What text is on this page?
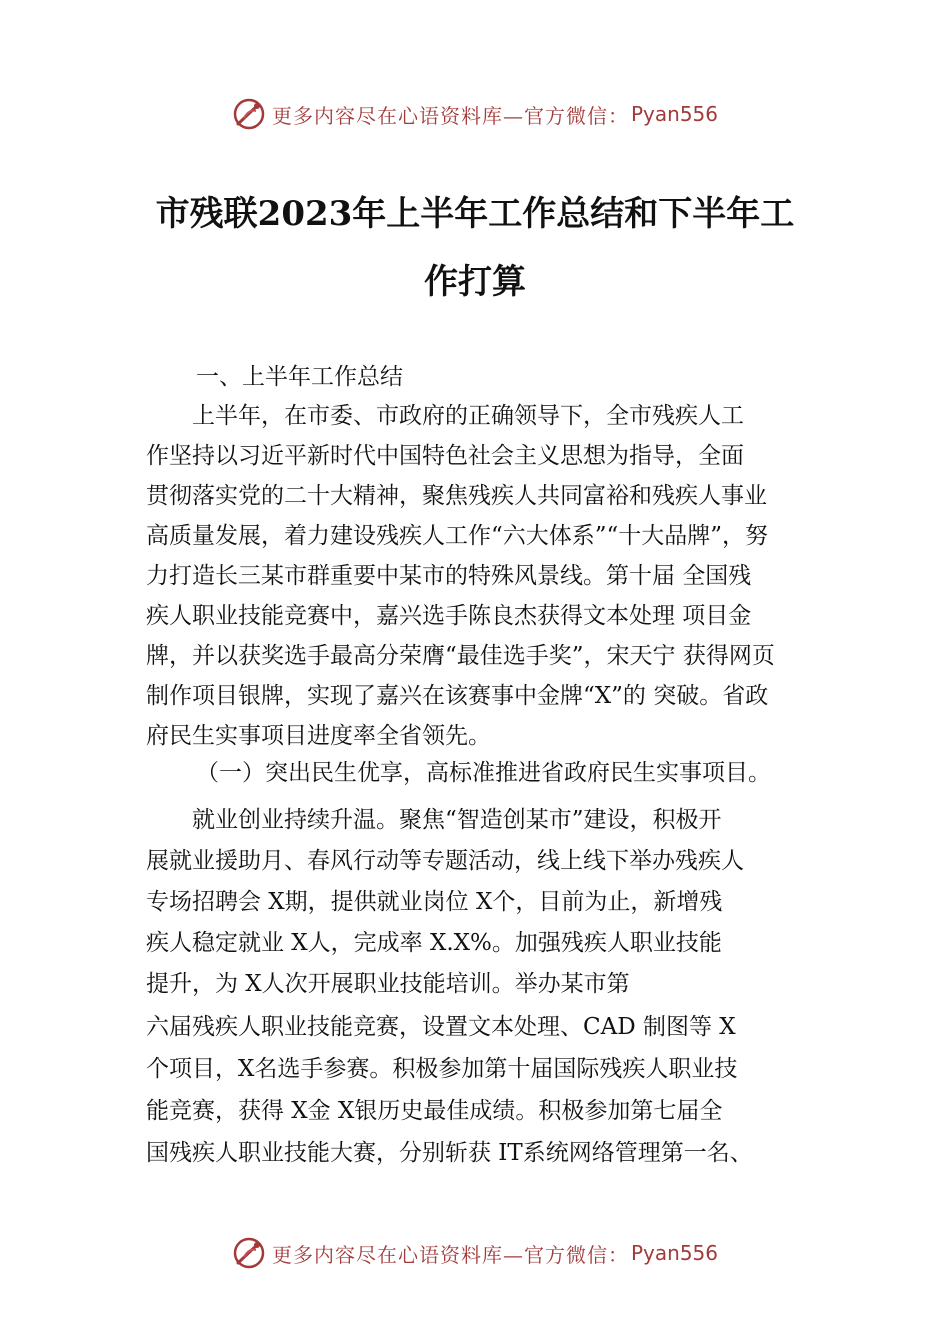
更多内容尽在心语资料库—官方微信： Pyan556
市残联2023年上半年工作总结和下半年工
作打算
一、上半年工作总结
　　上半年，在市委、市政府的正确领导下，全市残疾人工
作坚持以习近平新时代中国特色社会主义思想为指导，全面
贯彻落实党的二十大精神，聚焦残疾人共同富裕和残疾人事业
高质量发展，着力建设残疾人工作“六大体系”“十大品牌”，努
力打造长三某市群重要中某市的特殊风景线。第十届 全国残
疾人职业技能竞赛中，嘉兴选手陈良杰获得文本处理 项目金
牌，并以获奖选手最高分荣膺“最佳选手奖”，宋天宁 获得网页
制作项目银牌，实现了嘉兴在该赛事中金牌“X”的 突破。省政
府民生实事项目进度率全省领先。
（一）突出民生优享，高标准推进省政府民生实事项目。
　　就业创业持续升温。聚焦“智造创某市”建设，积极开
展就业援助月、春风行动等专题活动，线上线下举办残疾人
专场招聘会 X期，提供就业岗位 X个，目前为止，新增残
疾人稳定就业 X人，完成率 X.X%。加强残疾人职业技能
提升，为 X人次开展职业技能培训。举办某市第
六届残疾人职业技能竞赛，设置文本处理、CAD 制图等 X
个项目，X名选手参赛。积极参加第十届国际残疾人职业技
能竞赛，获得 X金 X银历史最佳成绩。积极参加第七届全
国残疾人职业技能大赛，分别斩获 IT系统网络管理第一名、
更多内容尽在心语资料库—官方微信： Pyan556
